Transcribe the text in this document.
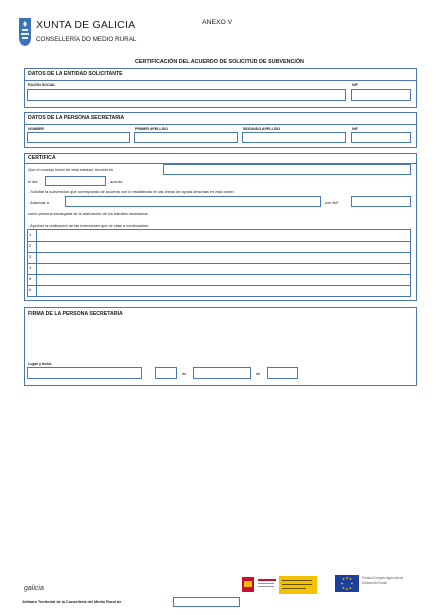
XUNTA DE GALICIA
CONSELLERÍA DO MEDIO RURAL
ANEXO V
CERTIFICACIÓN DEL ACUERDO DE SOLICITUD DE SUBVENCIÓN
DATOS DE LA ENTIDAD SOLICITANTE
RAZÓN SOCIAL	NIF
DATOS DE LA PERSONA SECRETARIA
NOMBRE	PRIMER APELLIDO	SEGUNDO APELLIDO	NIF
CERTIFICA
Que el consejo rector de esta entidad, reunido en
el día	, acordó:
- Solicitar la subvención que corresponda de acuerdo con lo establecido en las líneas de ayuda descritas en esta orden.
- Autorizar a	, con NIF
como persona encargada de la realización de los trámites necesarios.
- Aprobar la realización de las inversiones que se citan a continuación:
1
2
3
4
5
6
FIRMA DE LA PERSONA SECRETARIA
Lugar y fecha
,	de	de
galicia
Fondo Europeo Agrícola de Desarrollo Rural
Jefatura Territorial de la Consellería del Medio Rural de
